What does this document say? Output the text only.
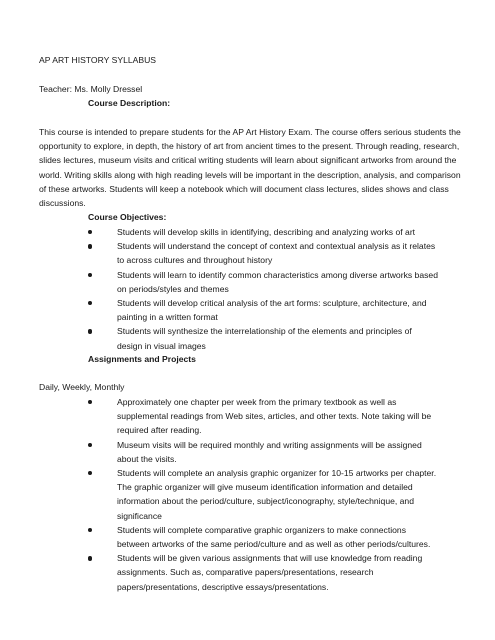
AP ART HISTORY SYLLABUS

Teacher: Ms. Molly Dressel

Course Description:

This course is intended to prepare students for the AP Art History Exam. The course offers serious students the opportunity to explore, in depth, the history of art from ancient times to the present. Through reading, research, slides lectures, museum visits and critical writing students will learn about significant artworks from around the world. Writing skills along with high reading levels will be important in the description, analysis, and comparison of these artworks. Students will keep a notebook which will document class lectures, slides shows and class discussions.

Course Objectives:

Students will develop skills in identifying, describing and analyzing works of art
Students will understand the concept of context and contextual analysis as it relates to across cultures and throughout history
Students will learn to identify common characteristics among diverse artworks based on periods/styles and themes
Students will develop critical analysis of the art forms: sculpture, architecture, and painting in a written format
Students will synthesize the interrelationship of the elements and principles of design in visual images

Assignments and Projects

Daily, Weekly, Monthly

Approximately one chapter per week from the primary textbook as well as supplemental readings from Web sites, articles, and other texts. Note taking will be required after reading.
Museum visits will be required monthly and writing assignments will be assigned about the visits.
Students will complete an analysis graphic organizer for 10-15 artworks per chapter. The graphic organizer will give museum identification information and detailed information about the period/culture, subject/iconography, style/technique, and significance
Students will complete comparative graphic organizers to make connections between artworks of the same period/culture and as well as other periods/cultures.
Students will be given various assignments that will use knowledge from reading assignments. Such as, comparative papers/presentations, research papers/presentations, descriptive essays/presentations.
